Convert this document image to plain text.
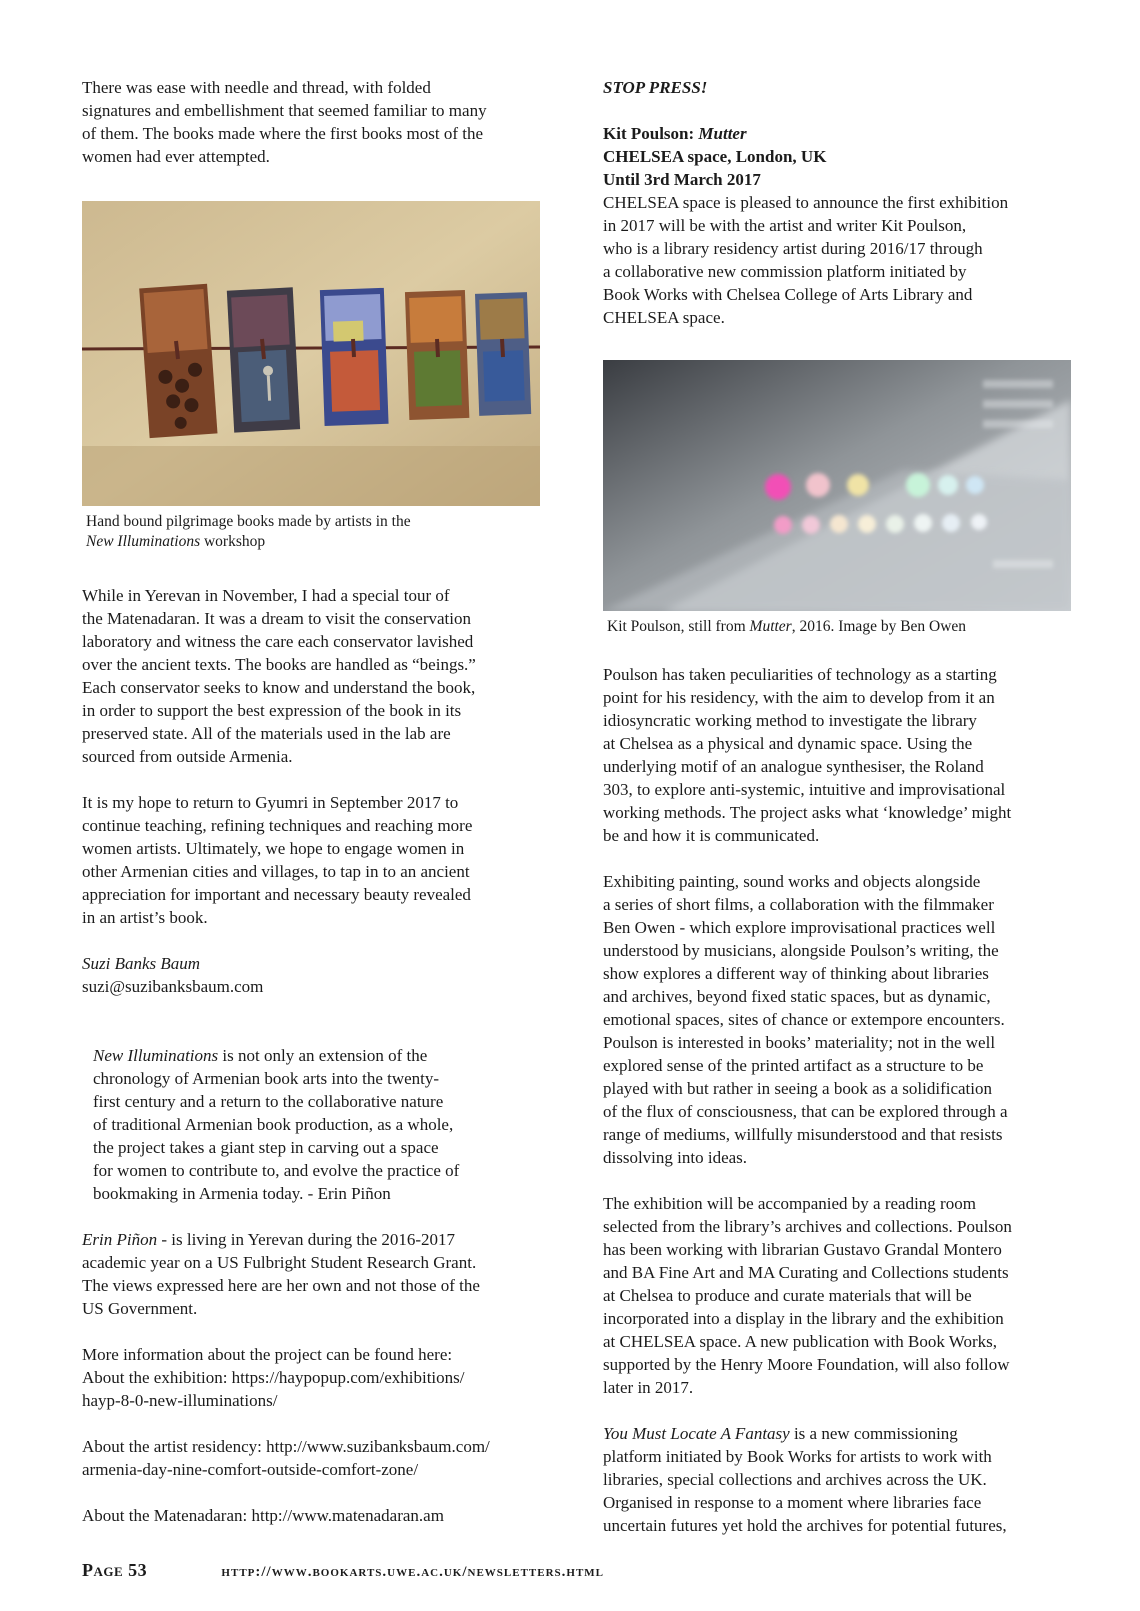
There was ease with needle and thread, with folded

signatures and embellishment that seemed familiar to many

of them. The books made where the first books most of the

women had ever attempted.

Hand bound pilgrimage books made by artists in the
New Illuminations workshop

While in Yerevan in November, I had a special tour of

the Matenadaran. It was a dream to visit the conservation

laboratory and witness the care each conservator lavished

over the ancient texts. The books are handled as “beings.”

Each conservator seeks to know and understand the book,

in order to support the best expression of the book in its

preserved state. All of the materials used in the lab are

sourced from outside Armenia.

It is my hope to return to Gyumri in September 2017 to

continue teaching, refining techniques and reaching more

women artists. Ultimately, we hope to engage women in

other Armenian cities and villages, to tap in to an ancient

appreciation for important and necessary beauty revealed

in an artist’s book.

Suzi Banks Baum

suzi@suzibanksbaum.com

New Illuminations is not only an extension of the

chronology of Armenian book arts into the twenty-

first century and a return to the collaborative nature

of traditional Armenian book production, as a whole,

the project takes a giant step in carving out a space

for women to contribute to, and evolve the practice of

bookmaking in Armenia today. - Erin Piñon

Erin Piñon - is living in Yerevan during the 2016-2017

academic year on a US Fulbright Student Research Grant.

The views expressed here are her own and not those of the

US Government.

More information about the project can be found here:

About the exhibition: https://haypopup.com/exhibitions/

hayp-8-0-new-illuminations/

About the artist residency: http://www.suzibanksbaum.com/

armenia-day-nine-comfort-outside-comfort-zone/

About the Matenadaran: http://www.matenadaran.am

STOP PRESS!

Kit Poulson: Mutter

CHELSEA space, London, UK

Until 3rd March 2017

CHELSEA space is pleased to announce the first exhibition

in 2017 will be with the artist and writer Kit Poulson,

who is a library residency artist during 2016/17 through

a collaborative new commission platform initiated by

Book Works with Chelsea College of Arts Library and

CHELSEA space.

Kit Poulson, still from Mutter, 2016. Image by Ben Owen

Poulson has taken peculiarities of technology as a starting

point for his residency, with the aim to develop from it an

idiosyncratic working method to investigate the library

at Chelsea as a physical and dynamic space. Using the

underlying motif of an analogue synthesiser, the Roland

303, to explore anti-systemic, intuitive and improvisational

working methods. The project asks what ‘knowledge’ might

be and how it is communicated.

Exhibiting painting, sound works and objects alongside

a series of short films, a collaboration with the filmmaker

Ben Owen - which explore improvisational practices well

understood by musicians, alongside Poulson’s writing, the

show explores a different way of thinking about libraries

and archives, beyond fixed static spaces, but as dynamic,

emotional spaces, sites of chance or extempore encounters.

Poulson is interested in books’ materiality; not in the well

explored sense of the printed artifact as a structure to be

played with but rather in seeing a book as a solidification

of the flux of consciousness, that can be explored through a

range of mediums, willfully misunderstood and that resists

dissolving into ideas.

The exhibition will be accompanied by a reading room

selected from the library’s archives and collections. Poulson

has been working with librarian Gustavo Grandal Montero

and BA Fine Art and MA Curating and Collections students

at Chelsea to produce and curate materials that will be

incorporated into a display in the library and the exhibition

at CHELSEA space. A new publication with Book Works,

supported by the Henry Moore Foundation, will also follow

later in 2017.

You Must Locate A Fantasy is a new commissioning

platform initiated by Book Works for artists to work with

libraries, special collections and archives across the UK.

Organised in response to a moment where libraries face

uncertain futures yet hold the archives for potential futures,

Page 53	http://www.bookarts.uwe.ac.uk/newsletters.html
